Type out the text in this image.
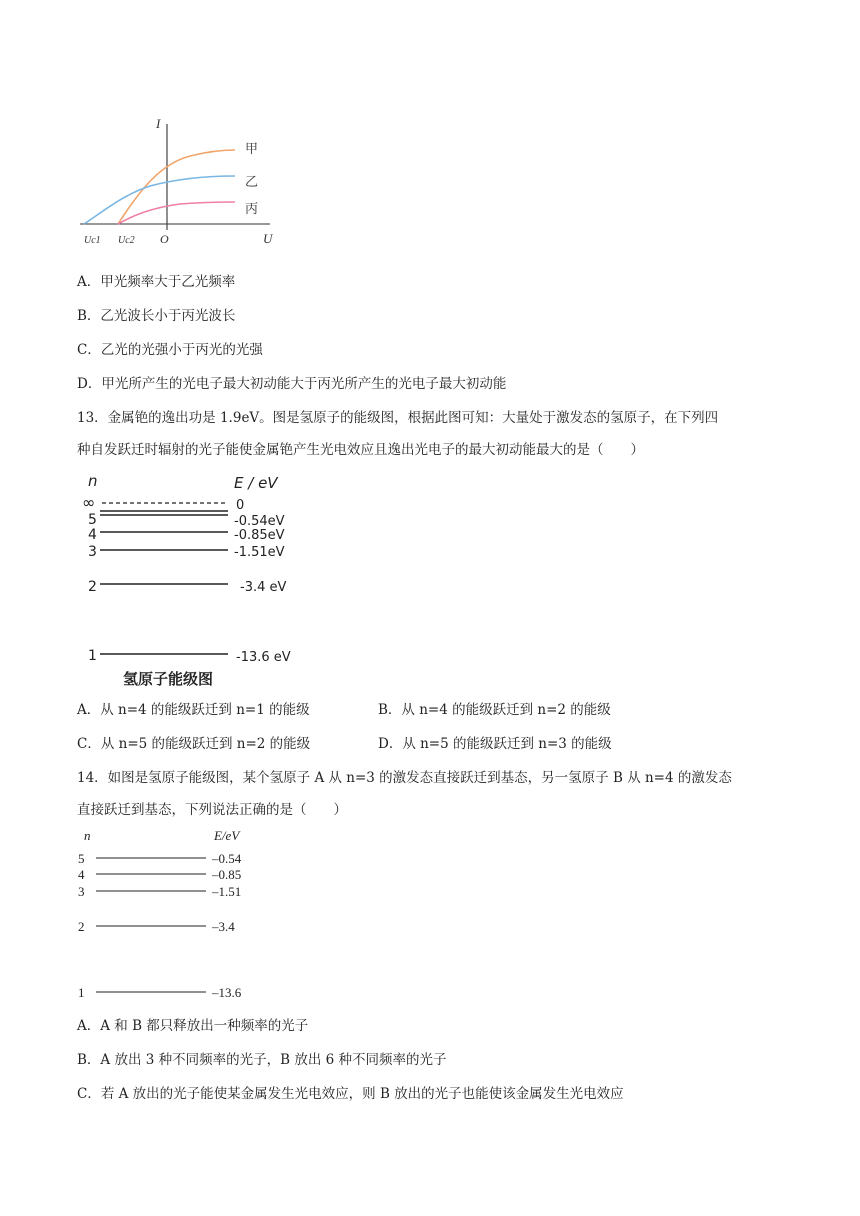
I
U
O
Uc1 Uc2
甲
乙
丙
A．甲光频率大于乙光频率
B．乙光波长小于丙光波长
C．乙光的光强小于丙光的光强
D．甲光所产生的光电子最大初动能大于丙光所产生的光电子最大初动能
13．金属铯的逸出功是 1.9eV。图是氢原子的能级图，根据此图可知：大量处于激发态的氢原子，在下列四
种自发跃迁时辐射的光子能使金属铯产生光电效应且逸出光电子的最大初动能最大的是（　　）
n	E / eV
∞	0
5	-0.54eV
4	-0.85eV
3	-1.51eV
2	-3.4 eV
1	-13.6 eV
氢原子能级图
A．从 n=4 的能级跃迁到 n=1 的能级	B．从 n=4 的能级跃迁到 n=2 的能级
C．从 n=5 的能级跃迁到 n=2 的能级	D．从 n=5 的能级跃迁到 n=3 的能级
14．如图是氢原子能级图，某个氢原子 A 从 n=3 的激发态直接跃迁到基态，另一氢原子 B 从 n=4 的激发态
直接跃迁到基态，下列说法正确的是（　　）
n	E/eV
5	–0.54
4	–0.85
3	–1.51
2	–3.4
1	–13.6
A．A 和 B 都只释放出一种频率的光子
B．A 放出 3 种不同频率的光子，B 放出 6 种不同频率的光子
C．若 A 放出的光子能使某金属发生光电效应，则 B 放出的光子也能使该金属发生光电效应
